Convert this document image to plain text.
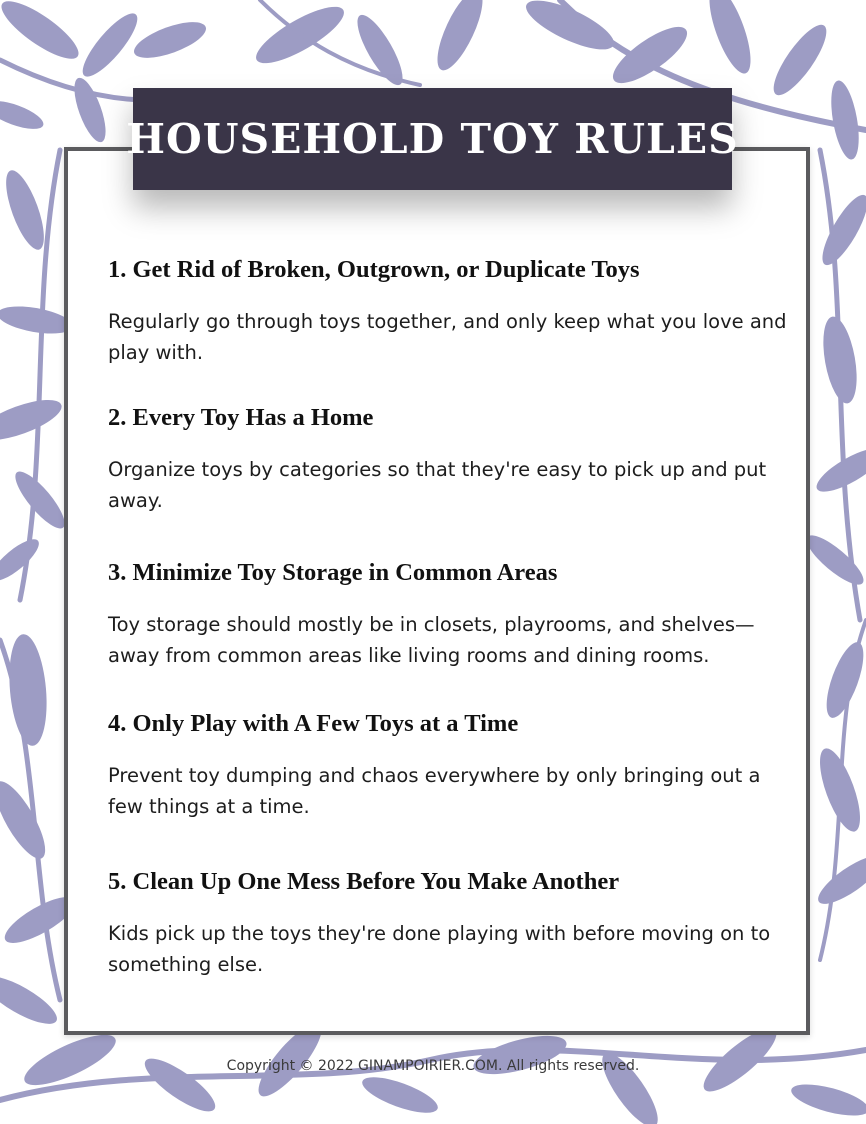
HOUSEHOLD TOY RULES
1. Get Rid of Broken, Outgrown, or Duplicate Toys

Regularly go through toys together, and only keep what you love and play with.

2. Every Toy Has a Home

Organize toys by categories so that they're easy to pick up and put away.

3. Minimize Toy Storage in Common Areas

Toy storage should mostly be in closets, playrooms, and shelves—away from common areas like living rooms and dining rooms.

4. Only Play with A Few Toys at a Time

Prevent toy dumping and chaos everywhere by only bringing out a few things at a time.

5. Clean Up One Mess Before You Make Another

Kids pick up the toys they're done playing with before moving on to something else.

Copyright © 2022 GINAMPOIRIER.COM. All rights reserved.
